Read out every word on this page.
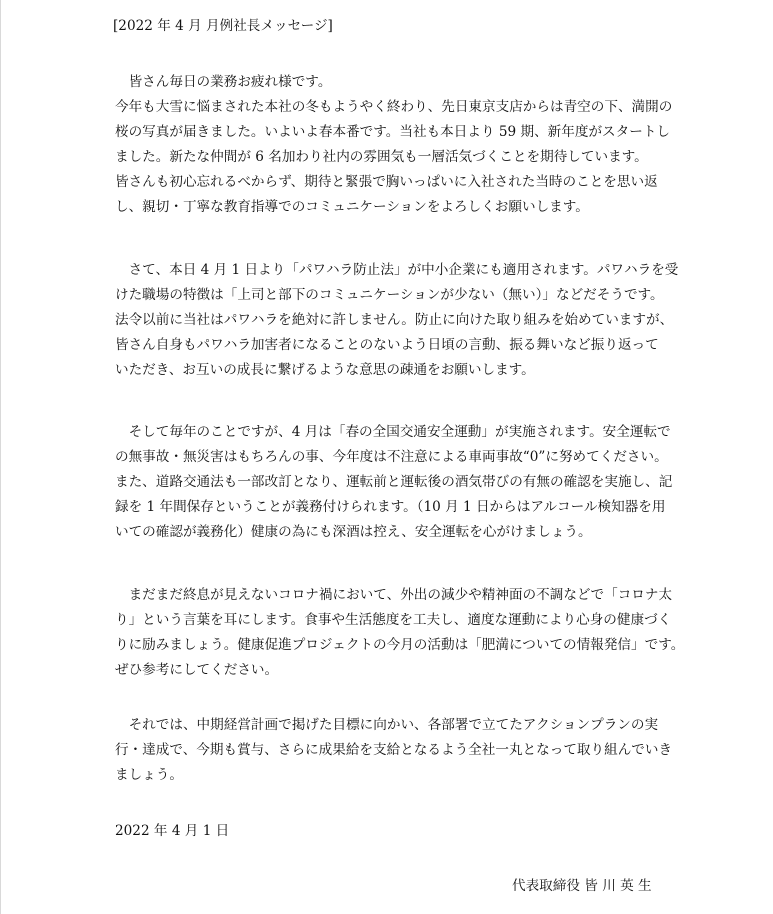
[2022 年 4 月 月例社長メッセージ]
　皆さん毎日の業務お疲れ様です。
今年も大雪に悩まされた本社の冬もようやく終わり、先日東京支店からは青空の下、満開の
桜の写真が届きました。いよいよ春本番です。当社も本日より 59 期、新年度がスタートし
ました。新たな仲間が 6 名加わり社内の雰囲気も一層活気づくことを期待しています。
皆さんも初心忘れるべからず、期待と緊張で胸いっぱいに入社された当時のことを思い返
し、親切・丁寧な教育指導でのコミュニケーションをよろしくお願いします。
　さて、本日 4 月 1 日より「パワハラ防止法」が中小企業にも適用されます。パワハラを受
けた職場の特徴は「上司と部下のコミュニケーションが少ない（無い）」などだそうです。
法令以前に当社はパワハラを絶対に許しません。防止に向けた取り組みを始めていますが、
皆さん自身もパワハラ加害者になることのないよう日頃の言動、振る舞いなど振り返って
いただき、お互いの成長に繋げるような意思の疎通をお願いします。
　そして毎年のことですが、4 月は「春の全国交通安全運動」が実施されます。安全運転で
の無事故・無災害はもちろんの事、今年度は不注意による車両事故“0”に努めてください。
また、道路交通法も一部改訂となり、運転前と運転後の酒気帯びの有無の確認を実施し、記
録を 1 年間保存ということが義務付けられます。（10 月 1 日からはアルコール検知器を用
いての確認が義務化）健康の為にも深酒は控え、安全運転を心がけましょう。
　まだまだ終息が見えないコロナ禍において、外出の減少や精神面の不調などで「コロナ太
り」という言葉を耳にします。食事や生活態度を工夫し、適度な運動により心身の健康づく
りに励みましょう。健康促進プロジェクトの今月の活動は「肥満についての情報発信」です。
ぜひ参考にしてください。
　それでは、中期経営計画で掲げた目標に向かい、各部署で立てたアクションプランの実
行・達成で、今期も賞与、さらに成果給を支給となるよう全社一丸となって取り組んでいき
ましょう。
2022 年 4 月 1 日
代表取締役 皆 川 英 生
